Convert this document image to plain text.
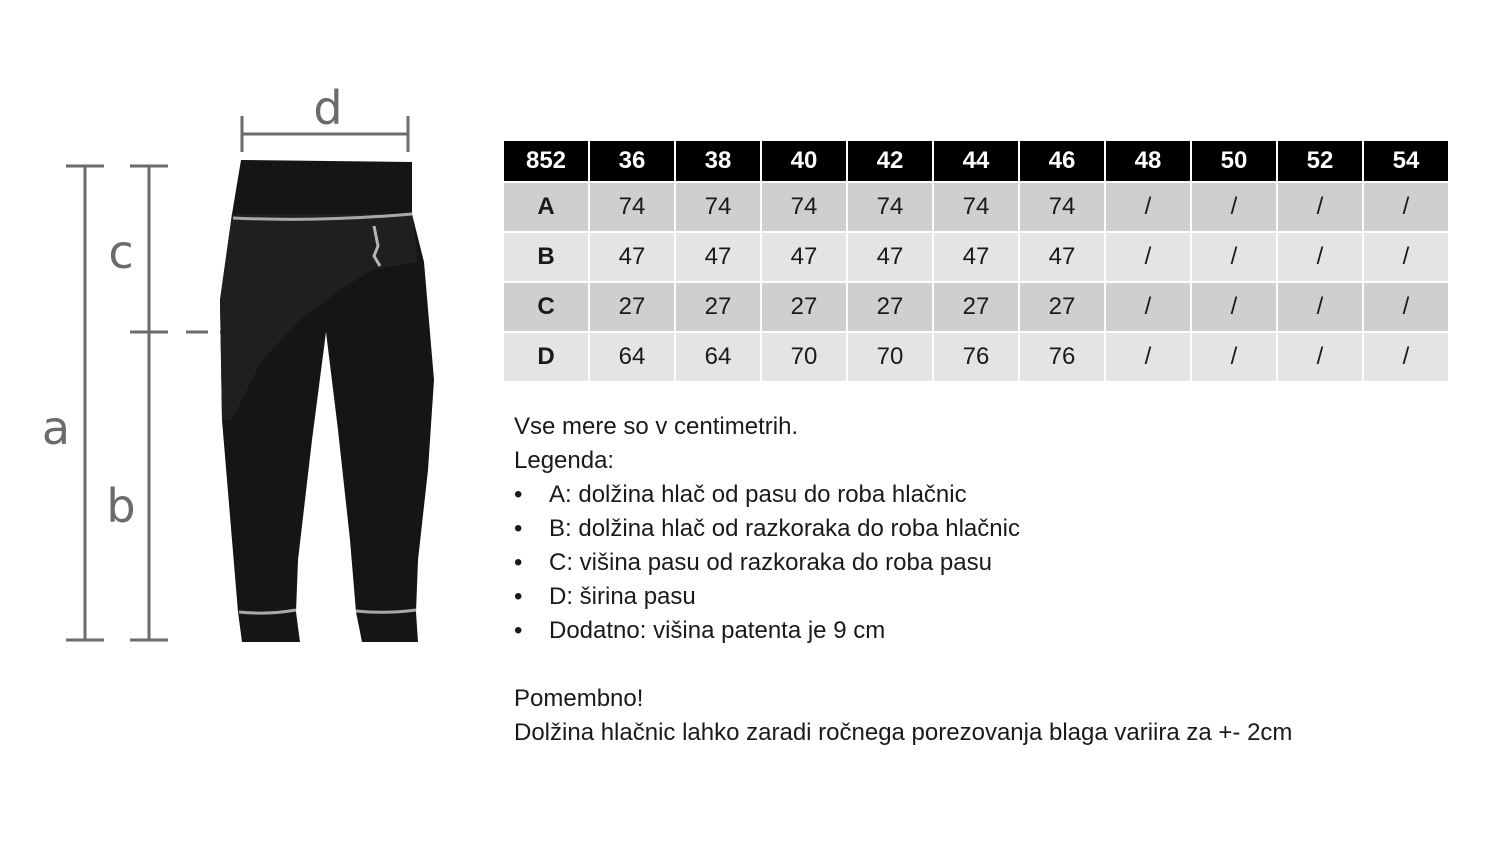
a
b
c
d
852	36	38	40	42	44	46	48	50	52	54
A	74	74	74	74	74	74	/	/	/	/
B	47	47	47	47	47	47	/	/	/	/
C	27	27	27	27	27	27	/	/	/	/
D	64	64	70	70	76	76	/	/	/	/

Vse mere so v centimetrih.

Legenda:

• A: dolžina hlač od pasu do roba hlačnic
• B: dolžina hlač od razkoraka do roba hlačnic
• C: višina pasu od razkoraka do roba pasu
• D: širina pasu
• Dodatno: višina patenta je 9 cm

Pomembno!

Dolžina hlačnic lahko zaradi ročnega porezovanja blaga variira za +- 2cm
